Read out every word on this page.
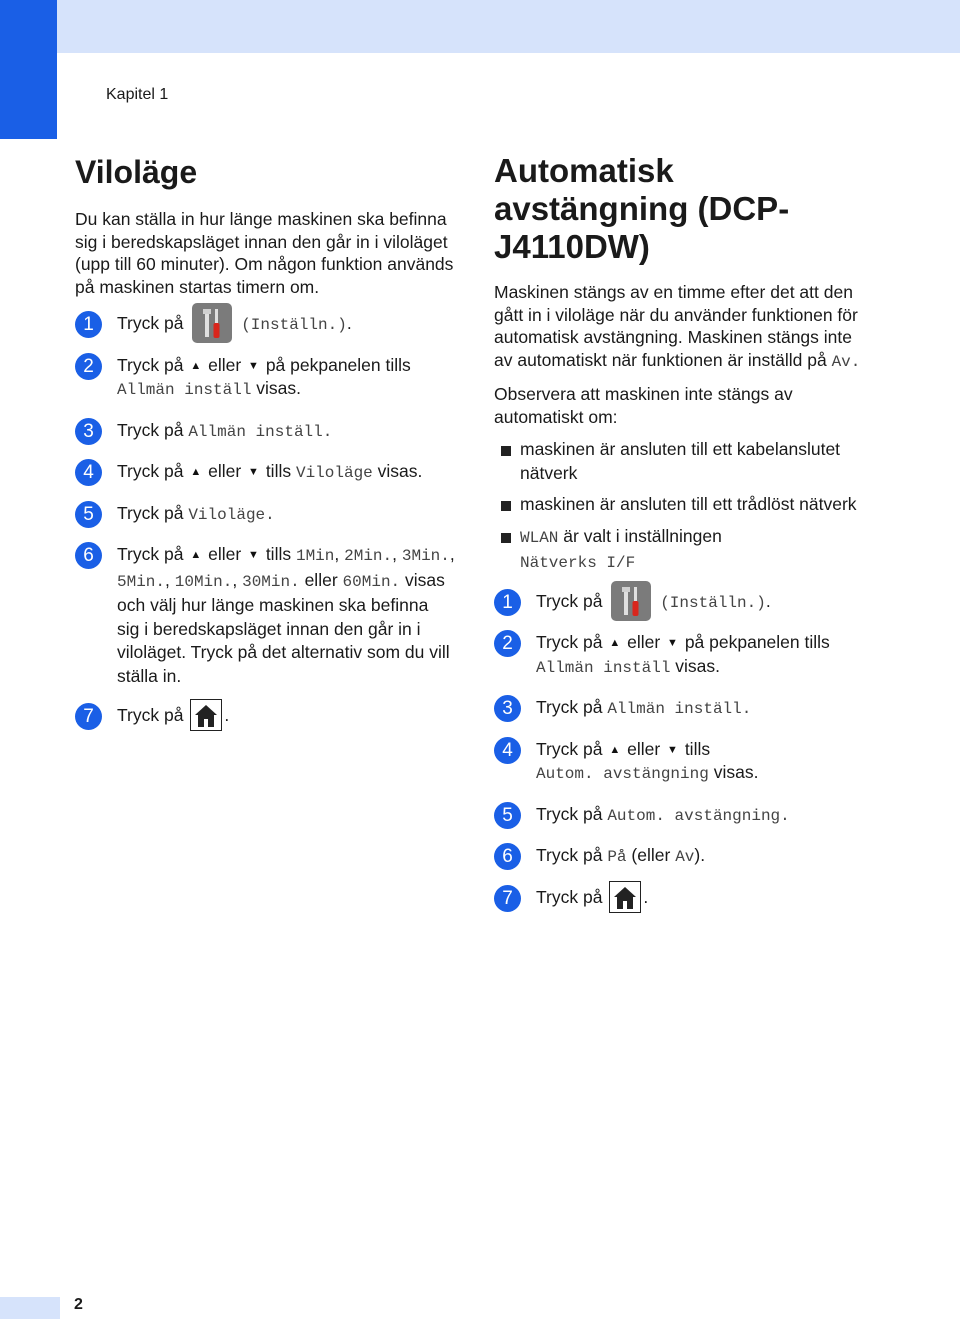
Kapitel 1
Viloläge

Du kan ställa in hur länge maskinen ska befinna sig i beredskapsläget innan den går in i viloläget (upp till 60 minuter). Om någon funktion används på maskinen startas timern om.

1	Tryck på	(Inställn.).
2	Tryck på ▲ eller ▼ på pekpanelen tills Allmän inställ visas.
3	Tryck på Allmän inställ.
4	Tryck på ▲ eller ▼ tills Viloläge visas.
5	Tryck på Viloläge.
6	Tryck på ▲ eller ▼ tills 1Min, 2Min., 3Min., 5Min., 10Min., 30Min. eller 60Min. visas och välj hur länge maskinen ska befinna sig i beredskapsläget innan den går in i viloläget. Tryck på det alternativ som du vill ställa in.
7	Tryck på .
Automatisk avstängning (DCP-J4110DW)

Maskinen stängs av en timme efter det att den gått in i viloläge när du använder funktionen för automatisk avstängning. Maskinen stängs inte av automatiskt när funktionen är inställd på Av.

Observera att maskinen inte stängs av automatiskt om:

maskinen är ansluten till ett kabelanslutet nätverk
maskinen är ansluten till ett trådlöst nätverk
WLAN är valt i inställningen
Nätverks I/F
1	Tryck på	(Inställn.).
2	Tryck på ▲ eller ▼ på pekpanelen tills Allmän inställ visas.
3	Tryck på Allmän inställ.
4	Tryck på ▲ eller ▼ tills
Autom. avstängning visas.
5	Tryck på Autom. avstängning.
6	Tryck på På (eller Av).
7	Tryck på .
2
